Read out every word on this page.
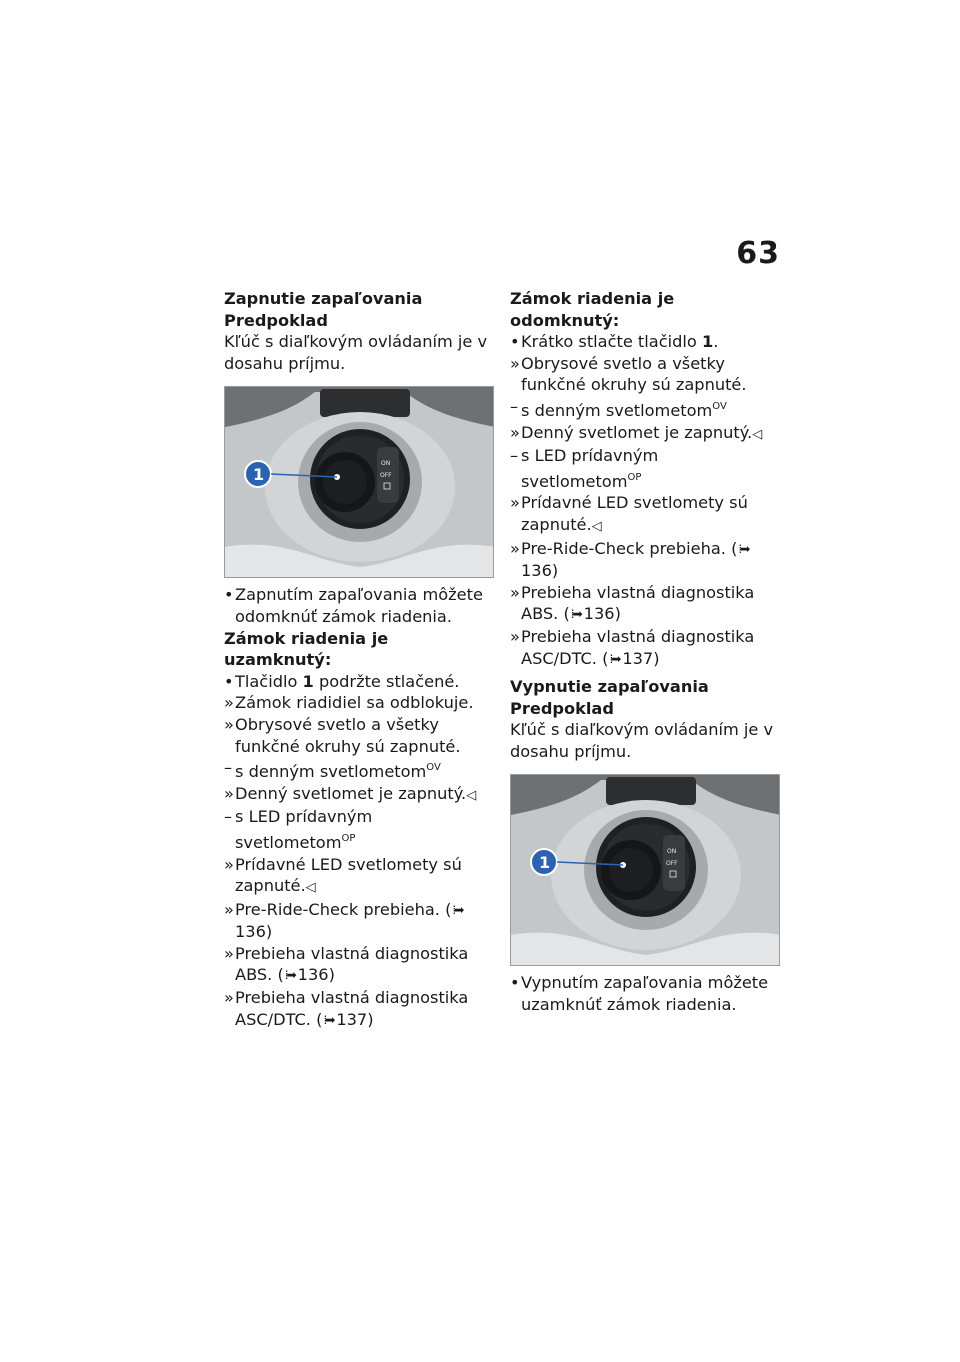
63

Zapnutie zapaľovania

Predpoklad

Kľúč s diaľkovým ovládaním je v dosahu príjmu.

POWER
ON
OFF
1

• Zapnutím zapaľovania môžete odomknúť zámok riadenia.

Zámok riadenia je uzamknutý:

• Tlačidlo 1 podržte stlačené.

» Zámok riadidiel sa odblokuje.

» Obrysové svetlo a všetky funkčné okruhy sú zapnuté.

– s denným svetlometom$^{OV}$

» Denný svetlomet je zapnutý.◁

– s LED prídavným svetlometom$^{OP}$

» Prídavné LED svetlomety sú zapnuté.◁

» Pre-Ride-Check prebieha. (⁞➡136)

» Prebieha vlastná diagnostika ABS. (⁞➡ 136)

» Prebieha vlastná diagnostika ASC/DTC. (⁞➡ 137)

Zámok riadenia je odomknutý:

• Krátko stlačte tlačidlo 1.

» Obrysové svetlo a všetky funkčné okruhy sú zapnuté.

– s denným svetlometom$^{OV}$

» Denný svetlomet je zapnutý.◁

– s LED prídavným svetlometom$^{OP}$

» Prídavné LED svetlomety sú zapnuté.◁

» Pre-Ride-Check prebieha. (⁞➡136)

» Prebieha vlastná diagnostika ABS. (⁞➡ 136)

» Prebieha vlastná diagnostika ASC/DTC. (⁞➡ 137)

Vypnutie zapaľovania

Predpoklad

Kľúč s diaľkovým ovládaním je v dosahu príjmu.

POWER
ON
OFF
1

• Vypnutím zapaľovania môžete uzamknúť zámok riadenia.
